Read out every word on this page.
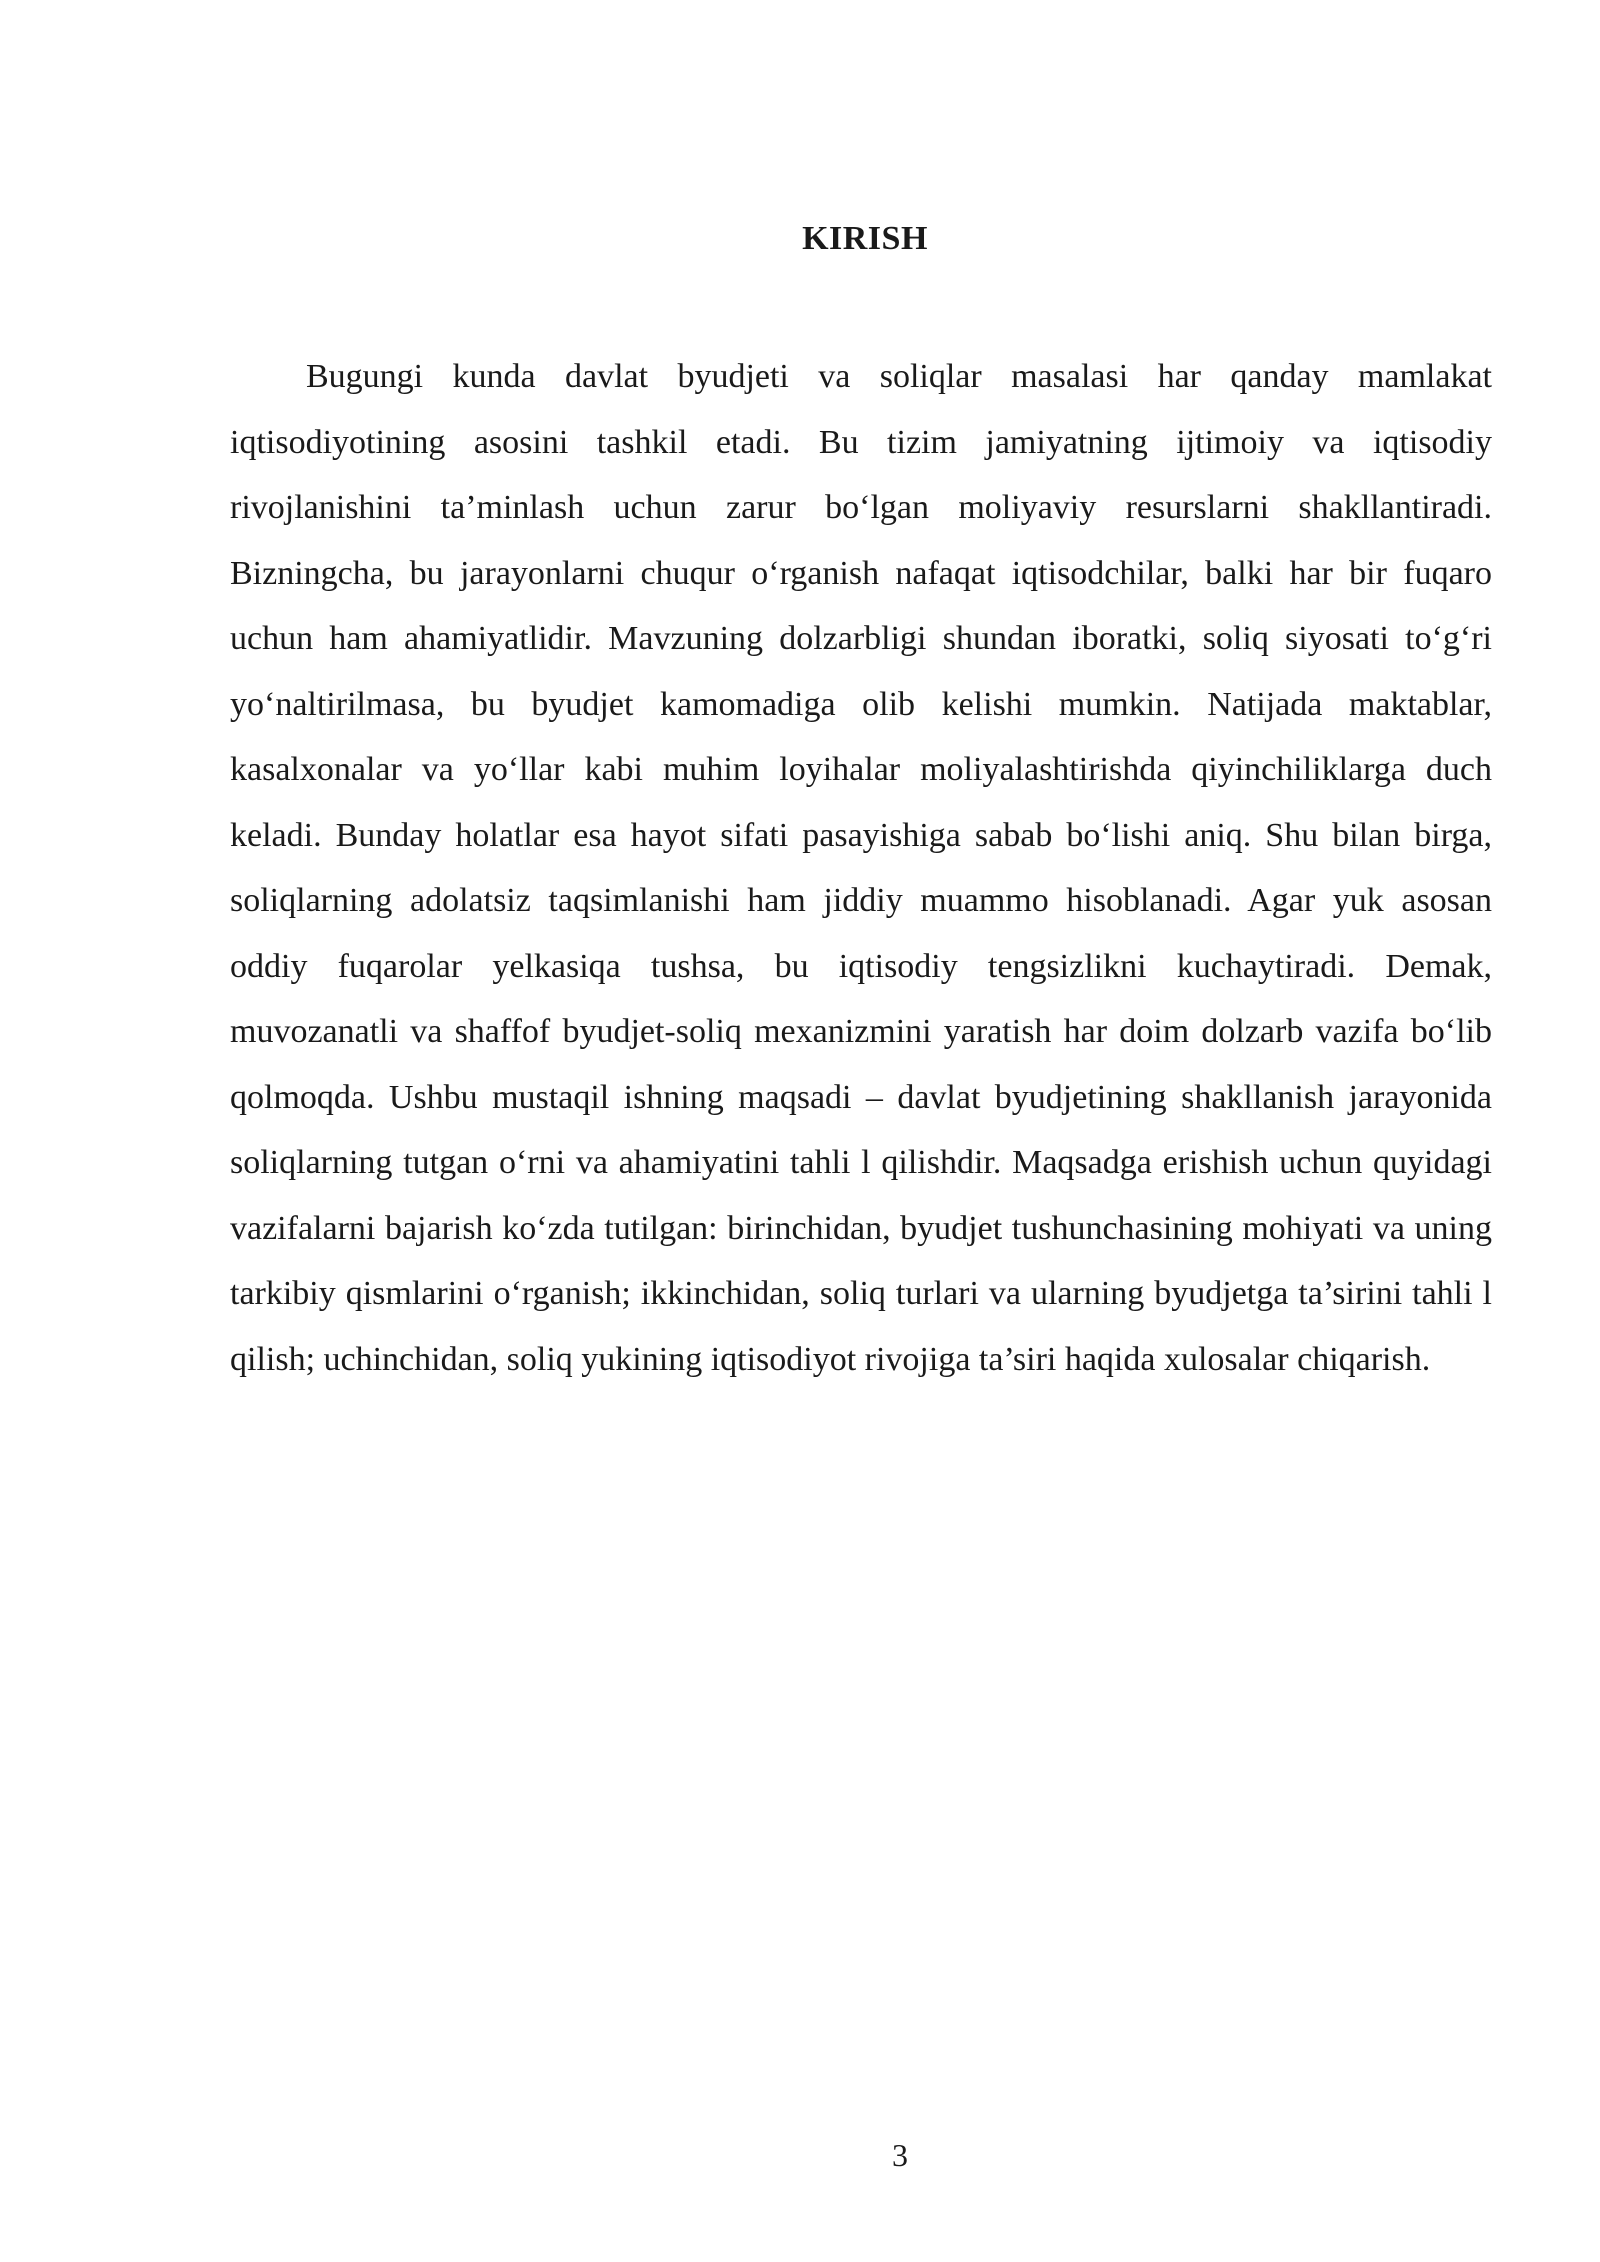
KIRISH

Bugungi kunda davlat byudjeti va soliqlar masalasi har qanday mamlakat iqtisodiyotining asosini tashkil etadi. Bu tizim jamiyatning ijtimoiy va iqtisodiy rivojlanishini ta’minlash uchun zarur bo‘lgan moliyaviy resurslarni shakllantiradi. Bizningcha, bu jarayonlarni chuqur o‘rganish nafaqat iqtisodchilar, balki har bir fuqaro uchun ham ahamiyatlidir. Mavzuning dolzarbligi shundan iboratki, soliq siyosati to‘g‘ri yo‘naltirilmasa, bu byudjet kamomadiga olib kelishi mumkin. Natijada maktablar, kasalxonalar va yo‘llar kabi muhim loyihalar moliyalashtirishda qiyinchiliklarga duch keladi. Bunday holatlar esa hayot sifati pasayishiga sabab bo‘lishi aniq. Shu bilan birga, soliqlarning adolatsiz taqsimlanishi ham jiddiy muammo hisoblanadi. Agar yuk asosan oddiy fuqarolar yelkasiqa tushsa, bu iqtisodiy tengsizlikni kuchaytiradi. Demak, muvozanatli va shaffof byudjet-soliq mexanizmini yaratish har doim dolzarb vazifa bo‘lib qolmoqda. Ushbu mustaqil ishning maqsadi – davlat byudjetining shakllanish jarayonida soliqlarning tutgan o‘rni va ahamiyatini tahli l qilishdir. Maqsadga erishish uchun quyidagi vazifalarni bajarish ko‘zda tutilgan: birinchidan, byudjet tushunchasining mohiyati va uning tarkibiy qismlarini o‘rganish; ikkinchidan, soliq turlari va ularning byudjetga ta’sirini tahli l qilish; uchinchidan, soliq yukining iqtisodiyot rivojiga ta’siri haqida xulosalar chiqarish.

3
